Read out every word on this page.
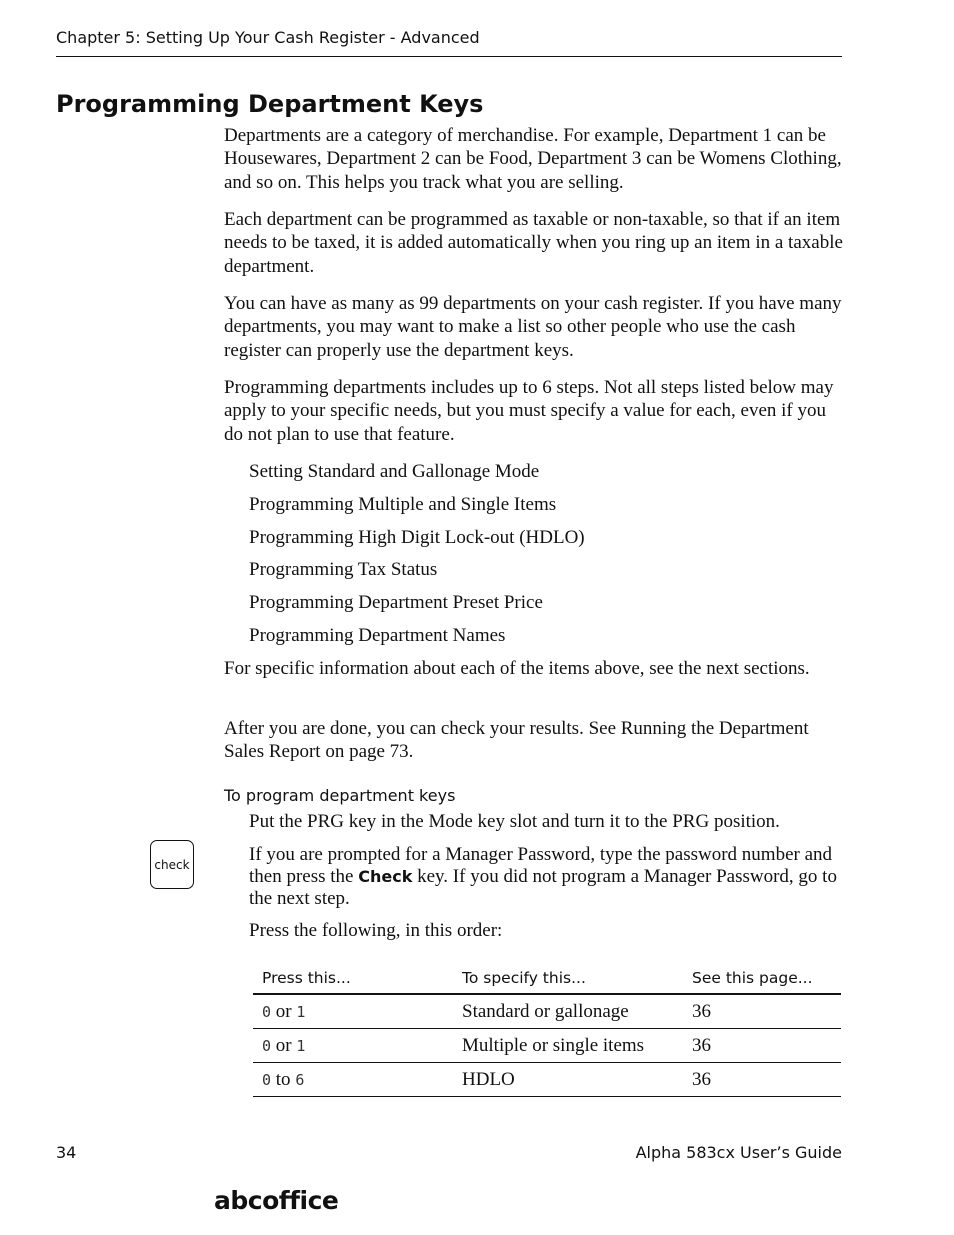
Chapter 5: Setting Up Your Cash Register - Advanced
Programming Department Keys

Departments are a category of merchandise. For example, Department 1 can be Housewares, Department 2 can be Food, Department 3 can be Womens Clothing, and so on. This helps you track what you are selling.

Each department can be programmed as taxable or non-taxable, so that if an item needs to be taxed, it is added automatically when you ring up an item in a taxable department.

You can have as many as 99 departments on your cash register. If you have many departments, you may want to make a list so other people who use the cash register can properly use the department keys.

Programming departments includes up to 6 steps. Not all steps listed below may apply to your specific needs, but you must specify a value for each, even if you do not plan to use that feature.

Setting Standard and Gallonage Mode

Programming Multiple and Single Items

Programming High Digit Lock-out (HDLO)

Programming Tax Status

Programming Department Preset Price

Programming Department Names

For specific information about each of the items above, see the next sections.

After you are done, you can check your results. See Running the Department Sales Report on page 73.

To program department keys

Put the PRG key in the Mode key slot and turn it to the PRG position.

check	If you are prompted for a Manager Password, type the password number and then press the Check key. If you did not program a Manager Password, go to the next step.

Press the following, in this order:

Press this...	To specify this...	See this page...
0 or 1	Standard or gallonage	36
0 or 1	Multiple or single items	36
0 to 6	HDLO	36
34	Alpha 583cx User’s Guide
abcoffice
